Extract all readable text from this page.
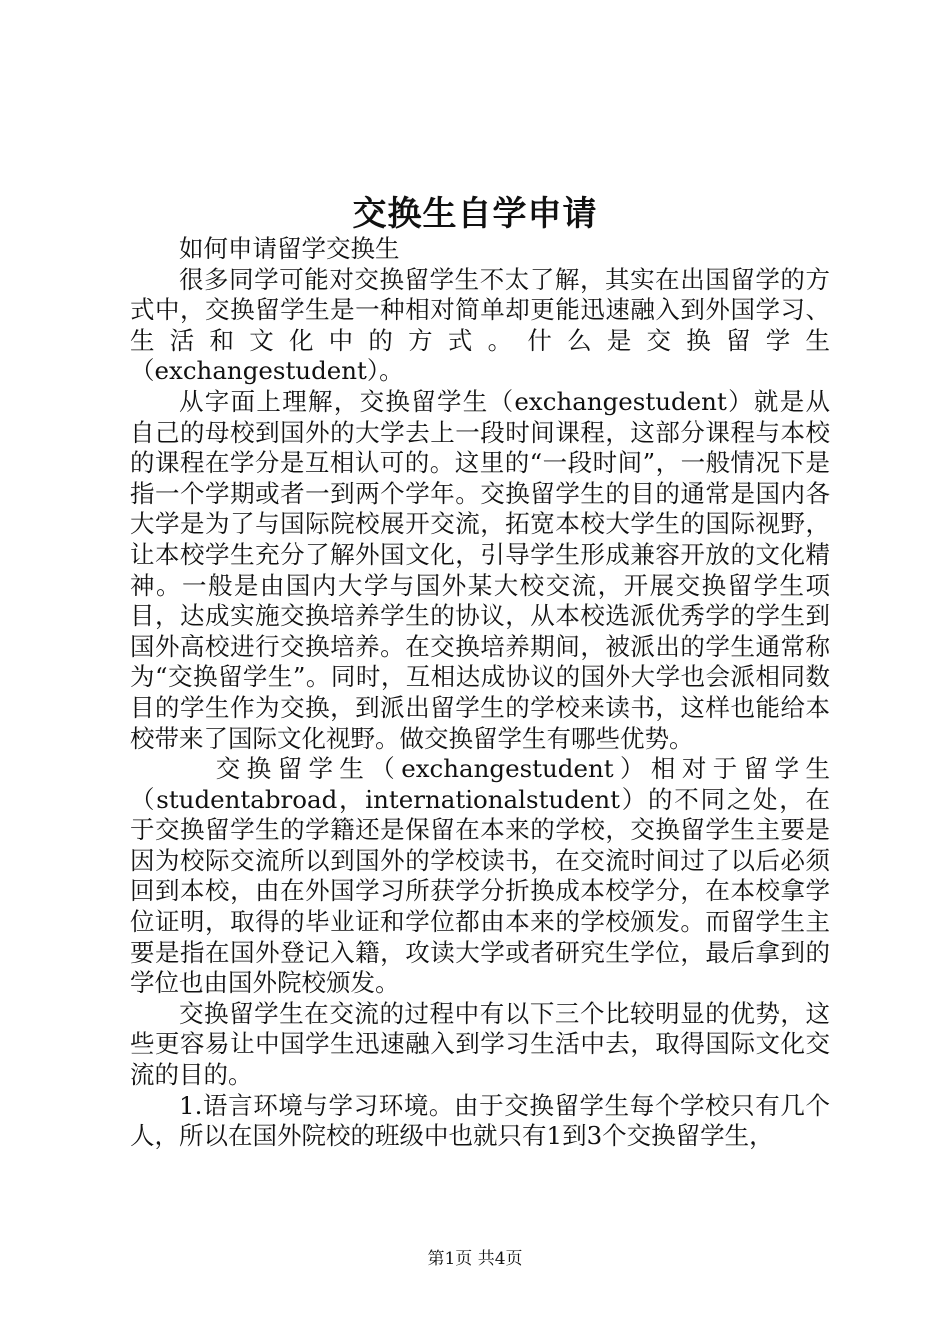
交换生自学申请

如何申请留学交换生

很多同学可能对交换留学生不太了解，其实在出国留学的方式中，交换留学生是一种相对简单却更能迅速融入到外国学习、生活和文化中的方式。什么是交换留学生

（exchangestudent）。

从字面上理解，交换留学生（exchangestudent）就是从自己的母校到国外的大学去上一段时间课程，这部分课程与本校的课程在学分是互相认可的。这里的“一段时间”，一般情况下是指一个学期或者一到两个学年。交换留学生的目的通常是国内各大学是为了与国际院校展开交流，拓宽本校大学生的国际视野，让本校学生充分了解外国文化，引导学生形成兼容开放的文化精神。一般是由国内大学与国外某大校交流，开展交换留学生项目，达成实施交换培养学生的协议，从本校选派优秀学的学生到国外高校进行交换培养。在交换培养期间，被派出的学生通常称为“交换留学生”。同时，互相达成协议的国外大学也会派相同数目的学生作为交换，到派出留学生的学校来读书，这样也能给本校带来了国际文化视野。做交换留学生有哪些优势。

交换留学生（exchangestudent）相对于留学生

（studentabroad，internationalstudent）的不同之处，在于交换留学生的学籍还是保留在本来的学校，交换留学生主要是因为校际交流所以到国外的学校读书，在交流时间过了以后必须回到本校，由在外国学习所获学分折换成本校学分，在本校拿学位证明，取得的毕业证和学位都由本来的学校颁发。而留学生主要是指在国外登记入籍，攻读大学或者研究生学位，最后拿到的学位也由国外院校颁发。

交换留学生在交流的过程中有以下三个比较明显的优势，这些更容易让中国学生迅速融入到学习生活中去，取得国际文化交流的目的。

1.语言环境与学习环境。由于交换留学生每个学校只有几个人，所以在国外院校的班级中也就只有1到3个交换留学生，

第1页 共4页
